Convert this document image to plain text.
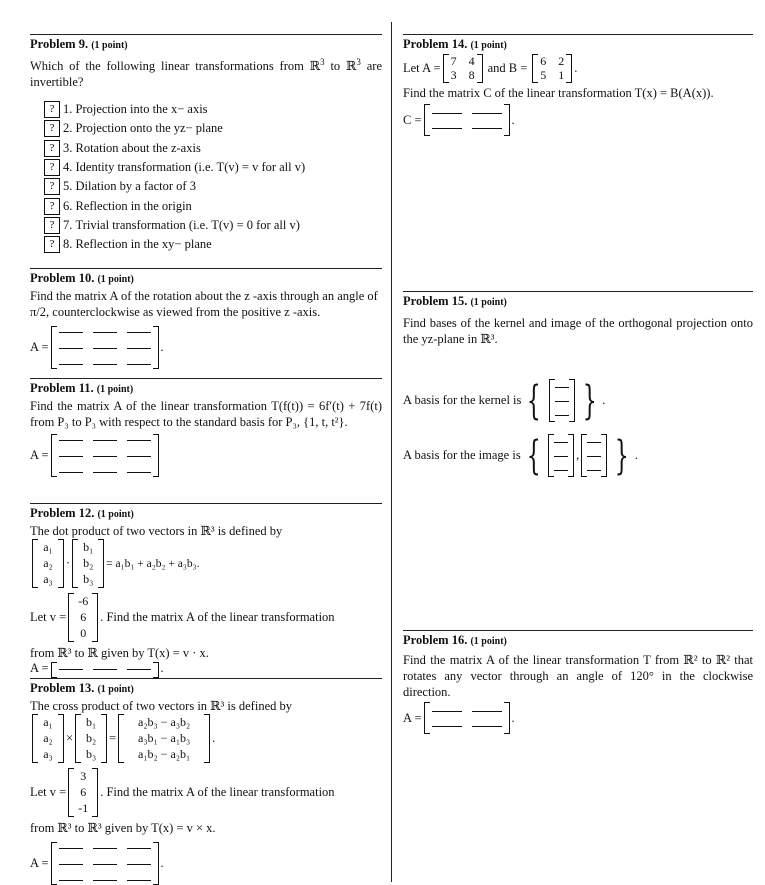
Problem 9. (1 point)
Which of the following linear transformations from ℝ$^3$ to ℝ$^3$ are invertible?
? 1.
Projection into the x− axis
? 2.
Projection onto the yz− plane
? 3.
Rotation about the z-axis
? 4.
Identity transformation (i.e. T(v) = v for all v)
? 5.
Dilation by a factor of 3
? 6.
Reflection in the origin
? 7.
Trivial transformation (i.e. T(v) = 0 for all v)
? 8.
Reflection in the xy− plane
Problem 10. (1 point)
Find the matrix A of the rotation about the z -axis through an angle of π/2, counterclockwise as viewed from the positive z -axis.
A =	.
Problem 11. (1 point)
Find the matrix A of the linear transformation T(f(t)) = 6f′(t) + 7f(t) from P₃ to P₃ with respect to the standard basis for P₃, {1, t, t²}.
A =
Problem 12. (1 point)
The dot product of two vectors in ℝ³ is defined by
a₁
a₂
a₃
·
b₁
b₂
b₃
= a₁b₁ + a₂b₂ + a₃b₃.
Let v =
-6
6
0
. Find the matrix A of the linear transformation
from ℝ³ to ℝ given by T(x) = v · x.
A =	.
Problem 13. (1 point)
The cross product of two vectors in ℝ³ is defined by
a₁
a₂
a₃
×
b₁
b₂
b₃
=
a₂b₃ − a₃b₂
a₃b₁ − a₁b₃
a₁b₂ − a₂b₁
.
Let v =
3
6
-1
. Find the matrix A of the linear transformation
from ℝ³ to ℝ³ given by T(x) = v × x.
A =	.
Problem 14. (1 point)
Let A = 7 4
3 8 and B = 6 2
5 1 .
Find the matrix C of the linear transformation T(x) = B(A(x)).
C =	.
Problem 15. (1 point)
Find bases of the kernel and image of the orthogonal projection onto the yz-plane in ℝ³.
A basis for the kernel is { } .
A basis for the image is {	, } .
Problem 16. (1 point)
Find the matrix A of the linear transformation T from ℝ² to ℝ² that rotates any vector through an angle of 120° in the clockwise direction.
A =	.
